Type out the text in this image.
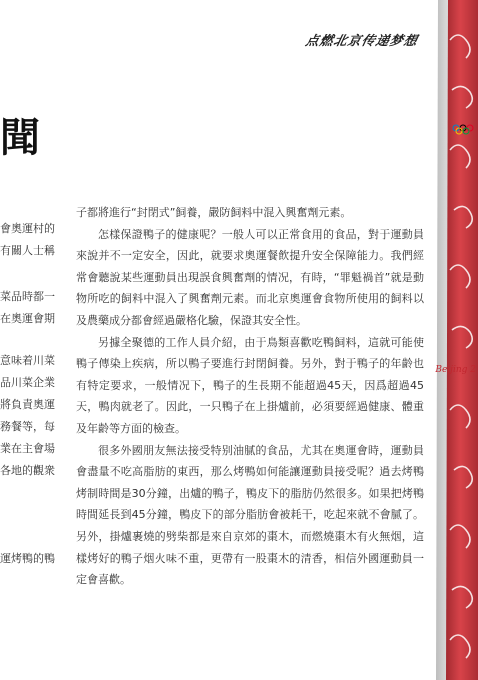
点燃北京传递梦想
聞
會奧運村的
有關人士稱
菜品時都一
在奧運會期
意味着川菜
品川菜企業
將負責奧運
務餐等，每
業在主會場
各地的觀衆
運烤鴨的鴨

子都將進行“封閉式”飼養，嚴防飼料中混入興奮劑元素。

怎樣保證鴨子的健康呢？一般人可以正常食用的食品，對于運動員來說并不一定安全，因此，就要求奧運餐飲提升安全保障能力。我們經常會聽說某些運動員出現誤食興奮劑的情况，有時，“罪魁禍首”就是動物所吃的飼料中混入了興奮劑元素。而北京奧運會食物所使用的飼料以及農藥成分都會經過嚴格化驗，保證其安全性。

另據全聚德的工作人員介紹，由于鳥類喜歡吃鴨飼料，這就可能使鴨子傳染上疾病，所以鴨子要進行封閉飼養。另外，對于鴨子的年齡也有特定要求，一般情况下，鴨子的生長期不能超過45天，因爲超過45天，鴨肉就老了。因此，一只鴨子在上掛爐前，必須要經過健康、體重及年齡等方面的檢查。

很多外國朋友無法接受特别油膩的食品，尤其在奧運會時，運動員會盡量不吃高脂肪的東西，那么烤鴨如何能讓運動員接受呢？過去烤鴨烤制時間是30分鐘，出爐的鴨子，鴨皮下的脂肪仍然很多。如果把烤鴨時間延長到45分鐘，鴨皮下的部分脂肪會被耗干，吃起來就不會膩了。另外，掛爐裹燒的劈柴都是來自京郊的棗木，而燃燒棗木有火無烟，這樣烤好的鴨子烟火味不重，更帶有一股棗木的清香，相信外國運動員一定會喜歡。

Beijing 2
